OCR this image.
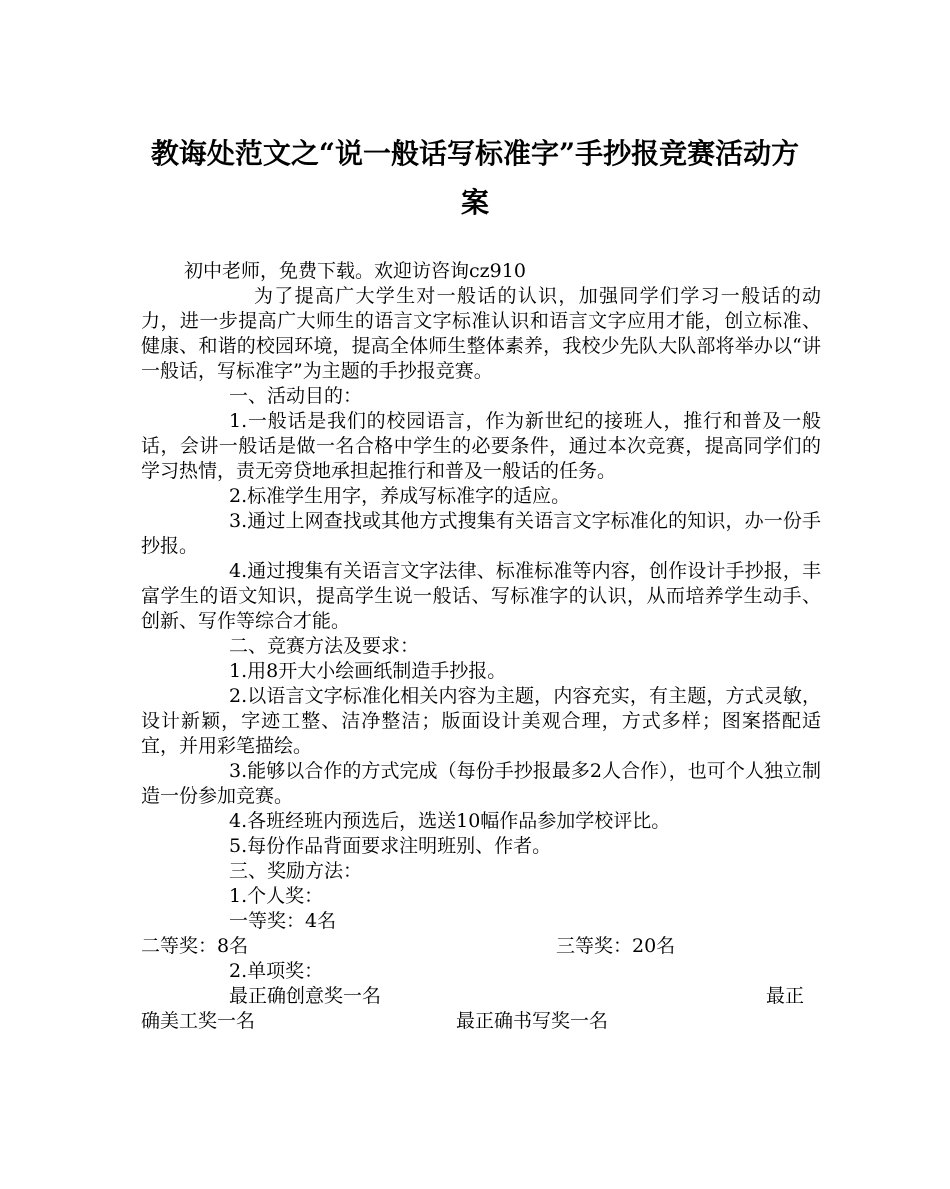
教诲处范文之“说一般话写标准字”手抄报竞赛活动方
案

初中老师，免费下载。欢迎访咨询cz910

为了提高广大学生对一般话的认识，加强同学们学习一般话的动力，进一步提高广大师生的语言文字标准认识和语言文字应用才能，创立标准、健康、和谐的校园环境，提高全体师生整体素养，我校少先队大队部将举办以“讲一般话，写标准字”为主题的手抄报竞赛。

一、活动目的：

1.一般话是我们的校园语言，作为新世纪的接班人，推行和普及一般话，会讲一般话是做一名合格中学生的必要条件，通过本次竞赛，提高同学们的学习热情，责无旁贷地承担起推行和普及一般话的任务。

2.标准学生用字，养成写标准字的适应。

3.通过上网查找或其他方式搜集有关语言文字标准化的知识，办一份手抄报。

4.通过搜集有关语言文字法律、标准标准等内容，创作设计手抄报，丰富学生的语文知识，提高学生说一般话、写标准字的认识，从而培养学生动手、创新、写作等综合才能。

二、竞赛方法及要求：

1.用8开大小绘画纸制造手抄报。

2.以语言文字标准化相关内容为主题，内容充实，有主题，方式灵敏，设计新颖，字迹工整、洁净整洁；版面设计美观合理，方式多样；图案搭配适宜，并用彩笔描绘。

3.能够以合作的方式完成（每份手抄报最多2人合作），也可个人独立制造一份参加竞赛。

4.各班经班内预选后，选送10幅作品参加学校评比。

5.每份作品背面要求注明班别、作者。

三、奖励方法：

1.个人奖：

一等奖：4名

二等奖：8名	三等奖：20名

2.单项奖：

最正确创意奖一名	最正
确美工奖一名	最正确书写奖一名
